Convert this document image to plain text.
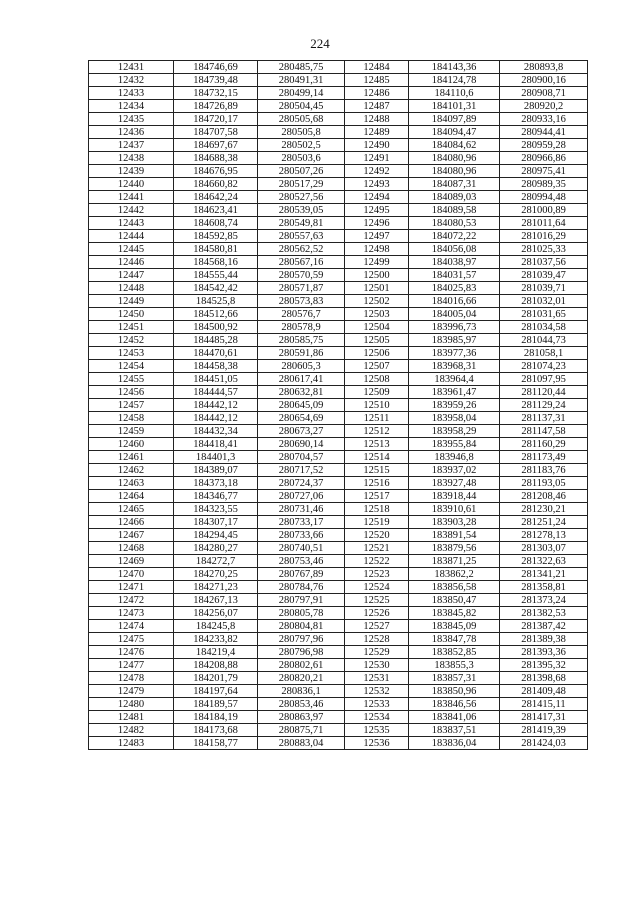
224
12431	184746,69	280485,75	12484	184143,36	280893,8
12432	184739,48	280491,31	12485	184124,78	280900,16
12433	184732,15	280499,14	12486	184110,6	280908,71
12434	184726,89	280504,45	12487	184101,31	280920,2
12435	184720,17	280505,68	12488	184097,89	280933,16
12436	184707,58	280505,8	12489	184094,47	280944,41
12437	184697,67	280502,5	12490	184084,62	280959,28
12438	184688,38	280503,6	12491	184080,96	280966,86
12439	184676,95	280507,26	12492	184080,96	280975,41
12440	184660,82	280517,29	12493	184087,31	280989,35
12441	184642,24	280527,56	12494	184089,03	280994,48
12442	184623,41	280539,05	12495	184089,58	281000,89
12443	184608,74	280549,81	12496	184080,53	281011,64
12444	184592,85	280557,63	12497	184072,22	281016,29
12445	184580,81	280562,52	12498	184056,08	281025,33
12446	184568,16	280567,16	12499	184038,97	281037,56
12447	184555,44	280570,59	12500	184031,57	281039,47
12448	184542,42	280571,87	12501	184025,83	281039,71
12449	184525,8	280573,83	12502	184016,66	281032,01
12450	184512,66	280576,7	12503	184005,04	281031,65
12451	184500,92	280578,9	12504	183996,73	281034,58
12452	184485,28	280585,75	12505	183985,97	281044,73
12453	184470,61	280591,86	12506	183977,36	281058,1
12454	184458,38	280605,3	12507	183968,31	281074,23
12455	184451,05	280617,41	12508	183964,4	281097,95
12456	184444,57	280632,81	12509	183961,47	281120,44
12457	184442,12	280645,09	12510	183959,26	281129,24
12458	184442,12	280654,69	12511	183958,04	281137,31
12459	184432,34	280673,27	12512	183958,29	281147,58
12460	184418,41	280690,14	12513	183955,84	281160,29
12461	184401,3	280704,57	12514	183946,8	281173,49
12462	184389,07	280717,52	12515	183937,02	281183,76
12463	184373,18	280724,37	12516	183927,48	281193,05
12464	184346,77	280727,06	12517	183918,44	281208,46
12465	184323,55	280731,46	12518	183910,61	281230,21
12466	184307,17	280733,17	12519	183903,28	281251,24
12467	184294,45	280733,66	12520	183891,54	281278,13
12468	184280,27	280740,51	12521	183879,56	281303,07
12469	184272,7	280753,46	12522	183871,25	281322,63
12470	184270,25	280767,89	12523	183862,2	281341,21
12471	184271,23	280784,76	12524	183856,58	281358,81
12472	184267,13	280797,91	12525	183850,47	281373,24
12473	184256,07	280805,78	12526	183845,82	281382,53
12474	184245,8	280804,81	12527	183845,09	281387,42
12475	184233,82	280797,96	12528	183847,78	281389,38
12476	184219,4	280796,98	12529	183852,85	281393,36
12477	184208,88	280802,61	12530	183855,3	281395,32
12478	184201,79	280820,21	12531	183857,31	281398,68
12479	184197,64	280836,1	12532	183850,96	281409,48
12480	184189,57	280853,46	12533	183846,56	281415,11
12481	184184,19	280863,97	12534	183841,06	281417,31
12482	184173,68	280875,71	12535	183837,51	281419,39
12483	184158,77	280883,04	12536	183836,04	281424,03
